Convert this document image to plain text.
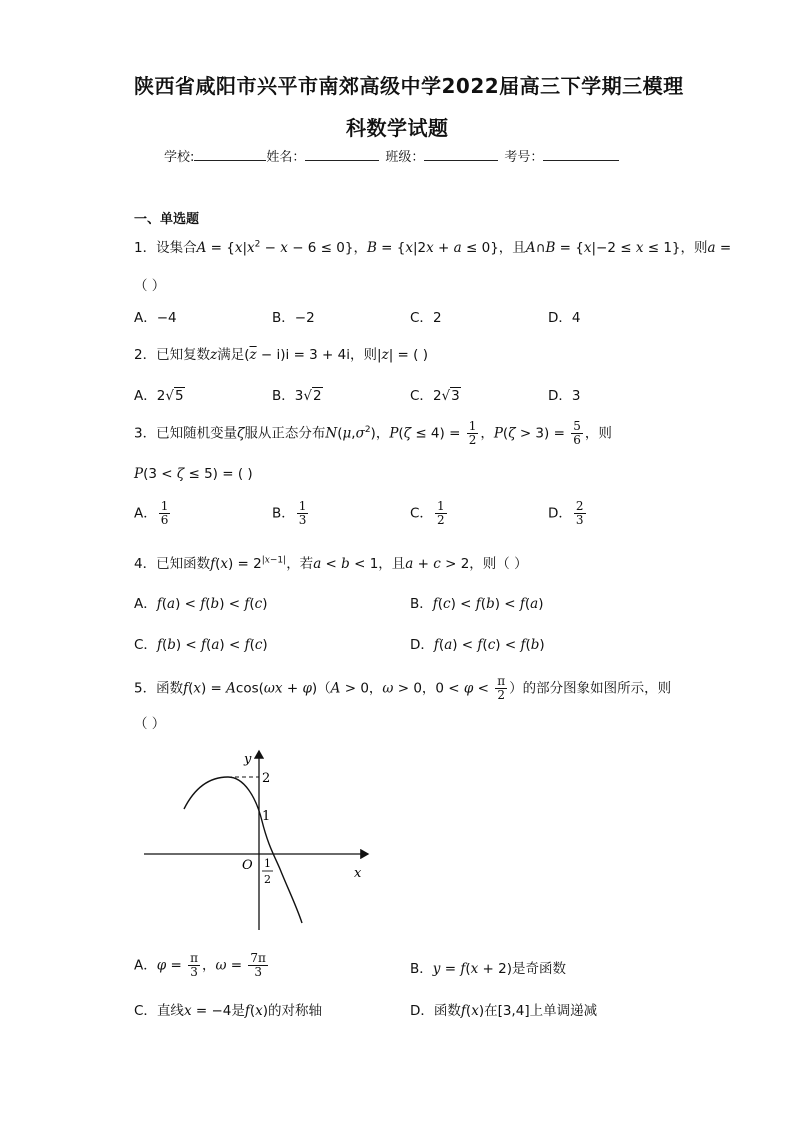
陕西省咸阳市兴平市南郊高级中学2022届高三下学期三模理
科数学试题
学校:	姓名：	班级：	考号：
一、单选题
1．设集合$A = \{x|x^2 - x - 6 \le 0\}$，B = {x|2x + a ≤ 0}，且A∩B = {x|−2 ≤ x ≤ 1}，则a =
（ ）
A．−4	B．−2	C．2	D．4
2．已知复数z满足$(\overline{z} - i)i = 3 + 4i$，则|z| = ( )
A．2√5	B．3√2	C．2√3	D．3
3．已知随机变量ζ服从正态分布$N(\mu,\sigma^2)$，$P(\zeta \le 4) = \frac{1}{2}$ ，$P(\zeta > 3) = \frac{5}{6}$ ，则
P(3 < ζ ≤ 5) = ( )
A． $\frac{1}{6}$	B． $\frac{1}{3}$	C． $\frac{1}{2}$	D． $\frac{2}{3}$
4．已知函数$f(x) = 2^{|x-1|}$，若a < b < 1，且a + c > 2，则（ ）
A．f(a) < f(b) < f(c)	B．f(c) < f(b) < f(a)
C．f(b) < f(a) < f(c)	D．f(a) < f(c) < f(b)
5．函数f(x) = Acos(ωx + φ)（A > 0，ω > 0，$0 < \varphi < \frac{\pi}{2}$ ）的部分图象如图所示，则
（ ）
y
x
O
2
1
1
2
A．$\varphi = \frac{\pi}{3}$ ，$\omega = \frac{7\pi}{3}$	B．y = f(x + 2)是奇函数
C．直线x = −4是f(x)的对称轴	D．函数f(x)在[3,4]上单调递减
